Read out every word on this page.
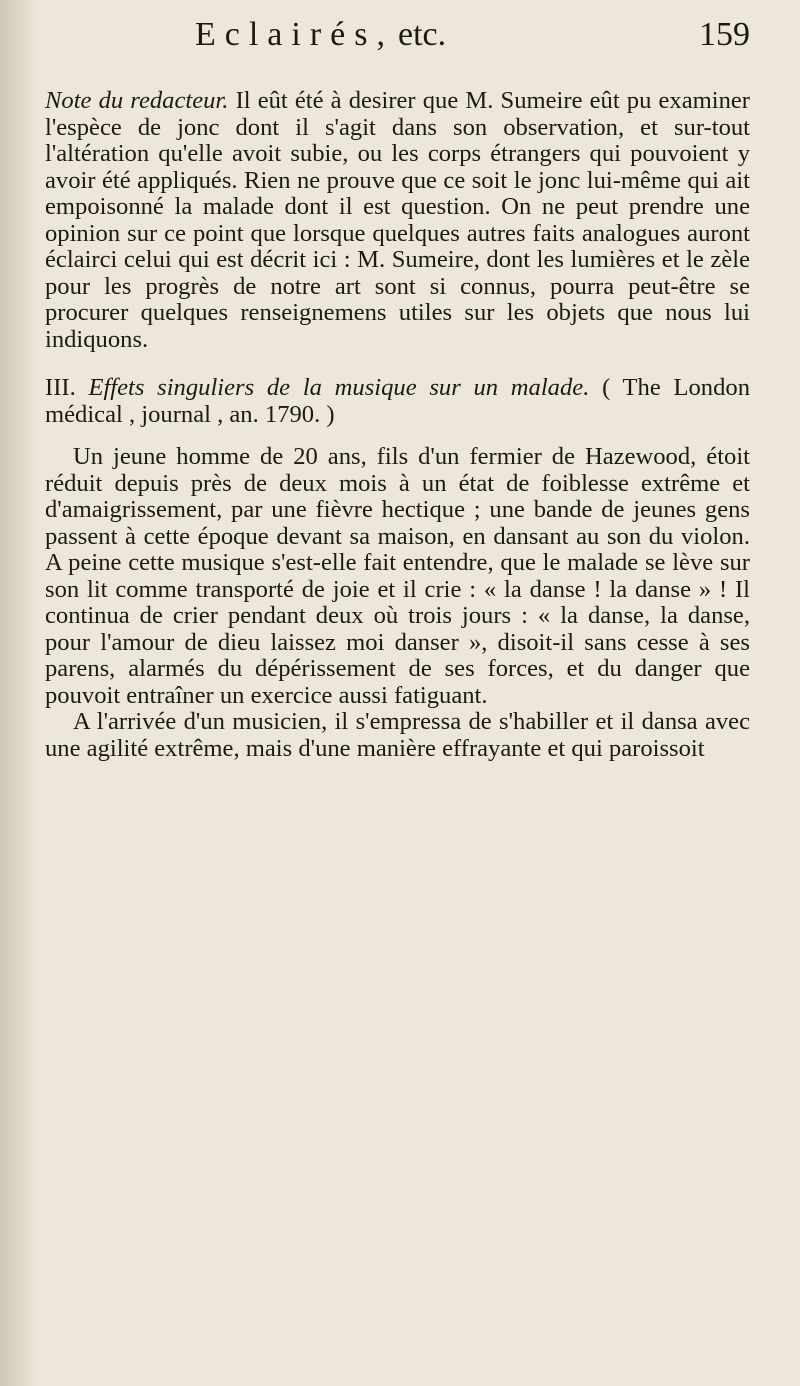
Eclairés, etc.	159

Note du redacteur. Il eût été à desirer que M. Sumeire eût pu examiner l'espèce de jonc dont il s'agit dans son observation, et sur-tout l'altération qu'elle avoit subie, ou les corps étrangers qui pouvoient y avoir été appliqués. Rien ne prouve que ce soit le jonc lui-même qui ait empoisonné la malade dont il est question. On ne peut prendre une opinion sur ce point que lorsque quelques autres faits analogues auront éclairci celui qui est décrit ici : M. Sumeire, dont les lumières et le zèle pour les progrès de notre art sont si connus, pourra peut-être se procurer quelques renseignemens utiles sur les objets que nous lui indiquons.

III. Effets singuliers de la musique sur un malade. ( The London médical , journal , an. 1790. )

Un jeune homme de 20 ans, fils d'un fermier de Hazewood, étoit réduit depuis près de deux mois à un état de foiblesse extrême et d'amaigrissement, par une fièvre hectique ; une bande de jeunes gens passent à cette époque devant sa maison, en dansant au son du violon. A peine cette musique s'est-elle fait entendre, que le malade se lève sur son lit comme transporté de joie et il crie : « la danse ! la danse » ! Il continua de crier pendant deux où trois jours : « la danse, la danse, pour l'amour de dieu laissez moi danser », disoit-il sans cesse à ses parens, alarmés du dépérissement de ses forces, et du danger que pouvoit entraîner un exercice aussi fatiguant.

A l'arrivée d'un musicien, il s'empressa de s'habiller et il dansa avec une agilité extrême, mais d'une manière effrayante et qui paroissoit
